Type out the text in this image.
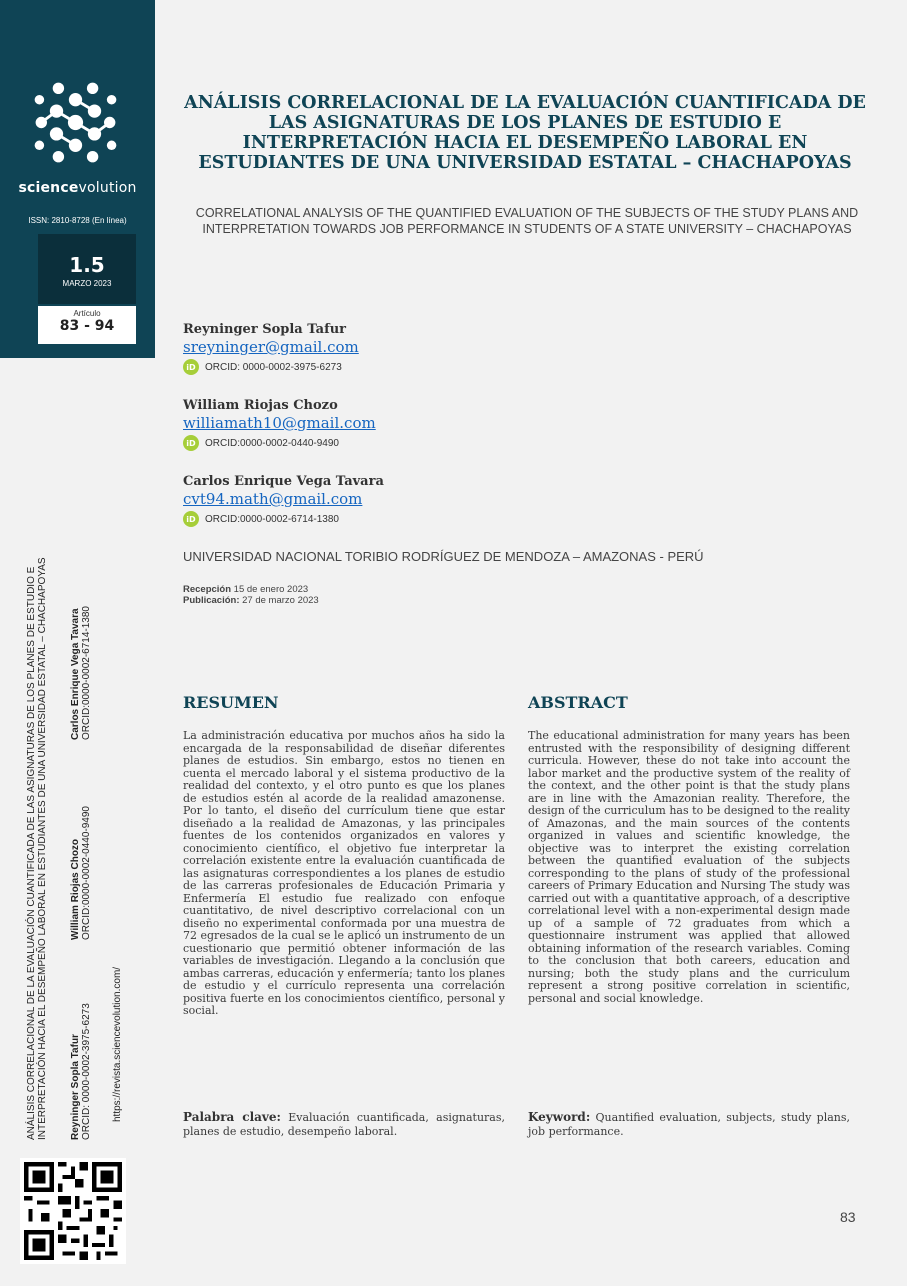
sciencevolution
ISSN: 2810-8728 (En línea)
1.5
MARZO 2023
Artículo
83 - 94
ANÁLISIS CORRELACIONAL DE LA EVALUACIÓN CUANTIFICADA DE LAS ASIGNATURAS DE LOS PLANES DE ESTUDIO E INTERPRETACIÓN HACIA EL DESEMPEÑO LABORAL EN ESTUDIANTES DE UNA UNIVERSIDAD ESTATAL – CHACHAPOYAS Reyninger Sopla Tafur
ORCID: 0000-0002-3975-6273
William Riojas Chozo
ORCID:0000-0002-0440-9490
Carlos Enrique Vega Tavara
ORCID:0000-0002-6714-1380
https://revista.sciencevolution.com/
ANÁLISIS CORRELACIONAL DE LA EVALUACIÓN CUANTIFICADA DE LAS ASIGNATURAS DE LOS PLANES DE ESTUDIO E INTERPRETACIÓN HACIA EL DESEMPEÑO LABORAL EN ESTUDIANTES DE UNA UNIVERSIDAD ESTATAL – CHACHAPOYAS
CORRELATIONAL ANALYSIS OF THE QUANTIFIED EVALUATION OF THE SUBJECTS OF THE STUDY PLANS AND INTERPRETATION TOWARDS JOB PERFORMANCE IN STUDENTS OF A STATE UNIVERSITY – CHACHAPOYAS
Reyninger Sopla Tafur
sreyninger@gmail.com
iD ORCID: 0000-0002-3975-6273
William Riojas Chozo
williamath10@gmail.com
iD ORCID:0000-0002-0440-9490
Carlos Enrique Vega Tavara
cvt94.math@gmail.com
iD ORCID:0000-0002-6714-1380
UNIVERSIDAD NACIONAL TORIBIO RODRÍGUEZ DE MENDOZA – AMAZONAS - PERÚ
Recepción 15 de enero 2023
Publicación: 27 de marzo 2023
RESUMEN	ABSTRACT
La administración educativa por muchos años ha sido la encargada de la responsabilidad de diseñar diferentes planes de estudios. Sin embargo, estos no tienen en cuenta el mercado laboral y el sistema productivo de la realidad del contexto, y el otro punto es que los planes de estudios estén al acorde de la realidad amazonense. Por lo tanto, el diseño del currículum tiene que estar diseñado a la realidad de Amazonas, y las principales fuentes de los contenidos organizados en valores y conocimiento científico, el objetivo fue interpretar la correlación existente entre la evaluación cuantificada de las asignaturas correspondientes a los planes de estudio de las carreras profesionales de Educación Primaria y Enfermería El estudio fue realizado con enfoque cuantitativo, de nivel descriptivo correlacional con un diseño no experimental conformada por una muestra de 72 egresados de la cual se le aplicó un instrumento de un cuestionario que permitió obtener información de las variables de investigación. Llegando a la conclusión que ambas carreras, educación y enfermería; tanto los planes de estudio y el currículo representa una correlación positiva fuerte en los conocimientos científico, personal y social.
The educational administration for many years has been entrusted with the responsibility of designing different curricula. However, these do not take into account the labor market and the productive system of the reality of the context, and the other point is that the study plans are in line with the Amazonian reality. Therefore, the design of the curriculum has to be designed to the reality of Amazonas, and the main sources of the contents organized in values and scientific knowledge, the objective was to interpret the existing correlation between the quantified evaluation of the subjects corresponding to the plans of study of the professional careers of Primary Education and Nursing The study was carried out with a quantitative approach, of a descriptive correlational level with a non-experimental design made up of a sample of 72 graduates from which a questionnaire instrument was applied that allowed obtaining information of the research variables. Coming to the conclusion that both careers, education and nursing; both the study plans and the curriculum represent a strong positive correlation in scientific, personal and social knowledge.
Palabra clave: Evaluación cuantificada, asignaturas, planes de estudio, desempeño laboral.
Keyword: Quantified evaluation, subjects, study plans, job performance.
83
